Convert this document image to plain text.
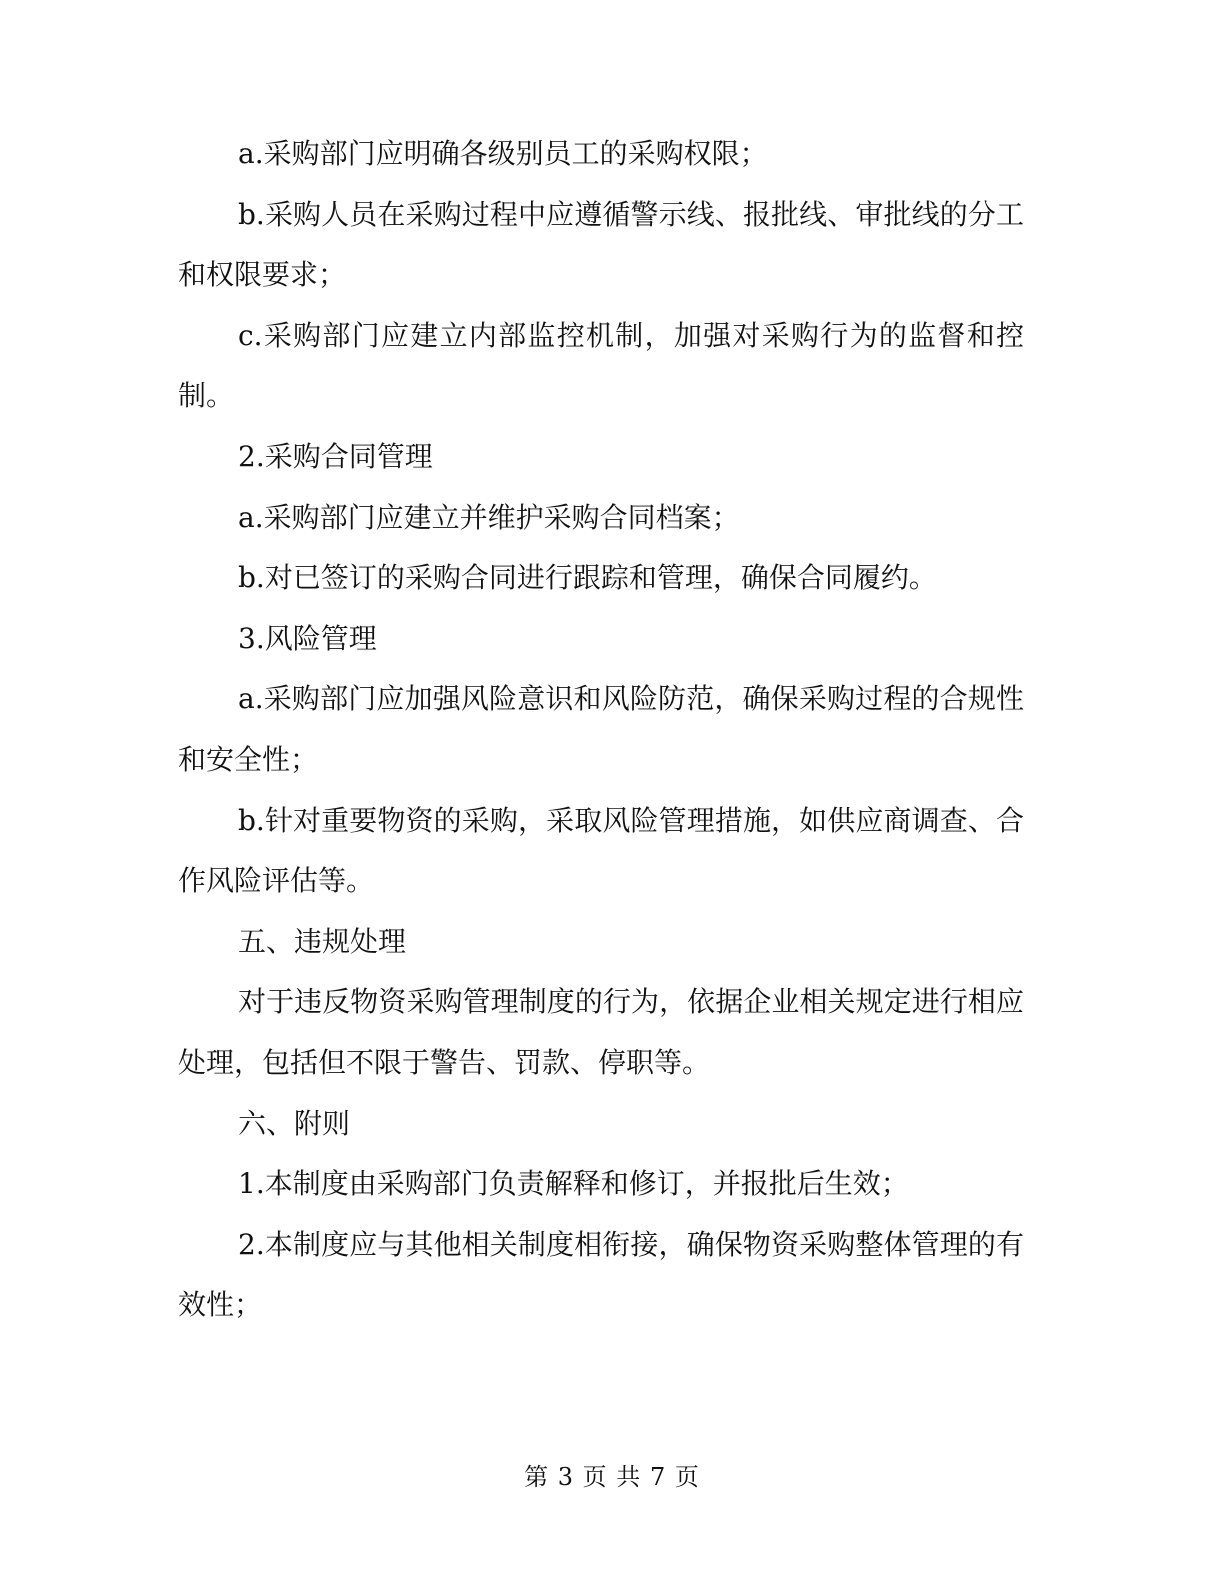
a.采购部门应明确各级别员工的采购权限；

b.采购人员在采购过程中应遵循警示线、报批线、审批线的分工和权限要求；

c.采购部门应建立内部监控机制，加强对采购行为的监督和控制。

2.采购合同管理

a.采购部门应建立并维护采购合同档案；

b.对已签订的采购合同进行跟踪和管理，确保合同履约。

3.风险管理

a.采购部门应加强风险意识和风险防范，确保采购过程的合规性和安全性；

b.针对重要物资的采购，采取风险管理措施，如供应商调查、合作风险评估等。

五、违规处理

对于违反物资采购管理制度的行为，依据企业相关规定进行相应处理，包括但不限于警告、罚款、停职等。

六、附则

1.本制度由采购部门负责解释和修订，并报批后生效；

2.本制度应与其他相关制度相衔接，确保物资采购整体管理的有效性；

第 3 页 共 7 页
